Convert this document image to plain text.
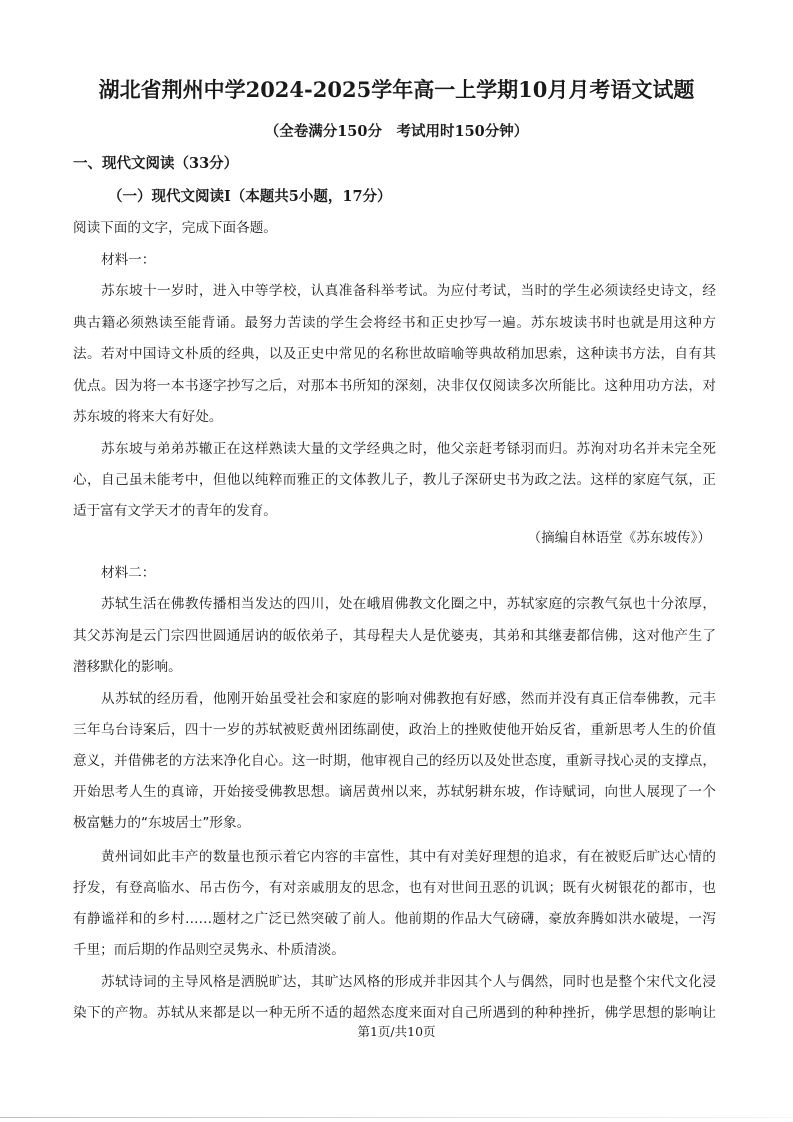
湖北省荆州中学2024-2025学年高一上学期10月月考语文试题
（全卷满分150分　考试用时150分钟）
一、现代文阅读（33分）
（一）现代文阅读Ⅰ（本题共5小题，17分）
阅读下面的文字，完成下面各题。
材料一：
苏东坡十一岁时，进入中等学校，认真准备科举考试。为应付考试，当时的学生必须读经史诗文，经
典古籍必须熟读至能背诵。最努力苦读的学生会将经书和正史抄写一遍。苏东坡读书时也就是用这种方
法。若对中国诗文朴质的经典，以及正史中常见的名称世故暗喻等典故稍加思索，这种读书方法，自有其
优点。因为将一本书逐字抄写之后，对那本书所知的深刻，决非仅仅阅读多次所能比。这种用功方法，对
苏东坡的将来大有好处。
苏东坡与弟弟苏辙正在这样熟读大量的文学经典之时，他父亲赶考铩羽而归。苏洵对功名并未完全死
心，自己虽未能考中，但他以纯粹而雅正的文体教儿子，教儿子深研史书为政之法。这样的家庭气氛，正
适于富有文学天才的青年的发育。
（摘编自林语堂《苏东坡传》）
材料二：
苏轼生活在佛教传播相当发达的四川，处在峨眉佛教文化圈之中，苏轼家庭的宗教气氛也十分浓厚，
其父苏洵是云门宗四世圆通居讷的皈依弟子，其母程夫人是优婆夷，其弟和其继妻都信佛，这对他产生了
潜移默化的影响。
从苏轼的经历看，他刚开始虽受社会和家庭的影响对佛教抱有好感，然而并没有真正信奉佛教，元丰
三年乌台诗案后，四十一岁的苏轼被贬黄州团练副使，政治上的挫败使他开始反省，重新思考人生的价值
意义，并借佛老的方法来净化自心。这一时期，他审视自己的经历以及处世态度，重新寻找心灵的支撑点，
开始思考人生的真谛，开始接受佛教思想。谪居黄州以来，苏轼躬耕东坡，作诗赋词，向世人展现了一个
极富魅力的“东坡居士”形象。
黄州词如此丰产的数量也预示着它内容的丰富性，其中有对美好理想的追求，有在被贬后旷达心情的
抒发，有登高临水、吊古伤今，有对亲戚朋友的思念，也有对世间丑恶的讥讽；既有火树银花的都市，也
有静谧祥和的乡村……题材之广泛已然突破了前人。他前期的作品大气磅礴，豪放奔腾如洪水破堤，一泻
千里；而后期的作品则空灵隽永、朴质清淡。
苏轼诗词的主导风格是洒脱旷达，其旷达风格的形成并非因其个人与偶然，同时也是整个宋代文化浸
染下的产物。苏轼从来都是以一种无所不适的超然态度来面对自己所遇到的种种挫折，佛学思想的影响让
第1页/共10页
